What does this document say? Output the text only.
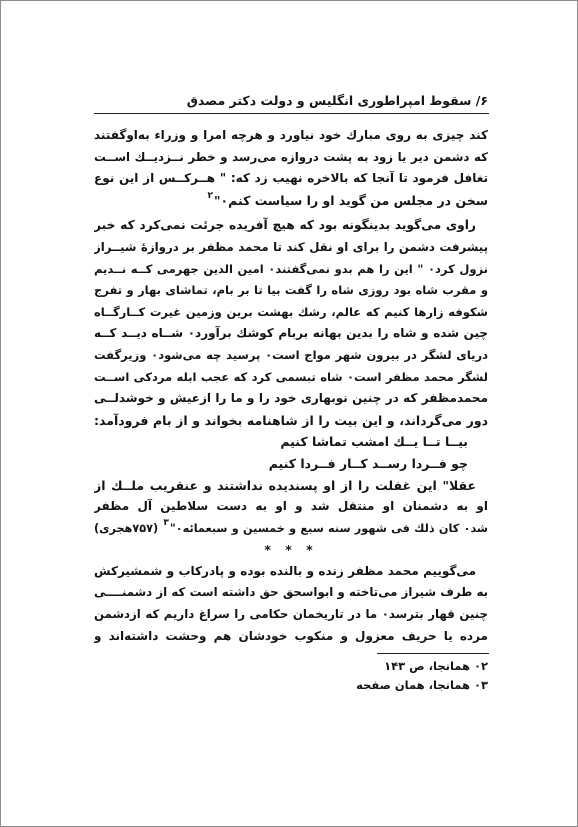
۶/ سقوط امپراطوری انگلیس و دولت دکتر مصدق
کند چیزی به روی مبارك خود نیاورد و هرچه امرا و وزراء به‌اوگفتند
که دشمن دیر یا زود به پشت دروازه می‌رسد و خطر نــزدیــك اســت
تغافل فرمود تا آنجا که بالاخره نهیب زد که: " هــرکــس از این نوع
سخن در مجلس من گوید او را سیاست کنم۰"$^۲$
راوی می‌گوید بدینگونه بود که هیچ آفریده جرئت نمی‌کرد که خبر
پیشرفت دشمن را برای او نقل کند تا محمد مظفر بر دروازهٔ شیــراز
نزول کرد۰ " این را هم بدو نمی‌گفتند۰ امین الدین جهرمی کــه نــدیم
و مقرب شاه بود روزی شاه را گفت بیا تا بر بام، تماشای بهار و تفرج
شکوفه زارها کنیم که عالم، رشك بهشت برین وزمین غیرت کــارگــاه
چین شده و شاه را بدین بهانه بربام کوشك برآورد۰ شــاه دیــد کــه
دریای لشگر در بیرون شهر مواج است۰ پرسید چه می‌شود۰ وزیرگفت
لشگر محمد مظفر است۰ شاه تبسمی کرد که عجب ابله مردکی اســت
محمدمظفر که در چنین نوبهاری خود را و ما را ازعیش و خوشدلــی
دور می‌گرداند، و این بیت را از شاهنامه بخواند و از بام فرودآمد:
بیــا تــا یــك امشب تماشا کنیم
چو فــردا رســد کــار فــردا کنیم
عقلا" این غفلت را از او پسندیده نداشتند و عنقریب ملــك از
او به دشمنان او منتقل شد و او به دست سلاطین آل مظفر
شد۰ کان ذلك فی شهور سنه سبع و خمسین و سبعمائه۰"$^۳$ (۷۵۷هجری)
* * *
می‌گوییم محمد مظفر زنده و بالنده بوده و پادرکاب و شمشیرکش
به طرف شیراز می‌تاخته و ابواسحق حق داشته است که از دشمنــــی
چنین قهار بترسد۰ ما در تاریخمان حکامی را سراغ داریم که ازدشمن
مرده یا حریف معزول و منکوب خودشان هم وحشت داشته‌اند و
۰۲ همانجا، ص ۱۴۳
۰۳ همانجا، همان صفحه
